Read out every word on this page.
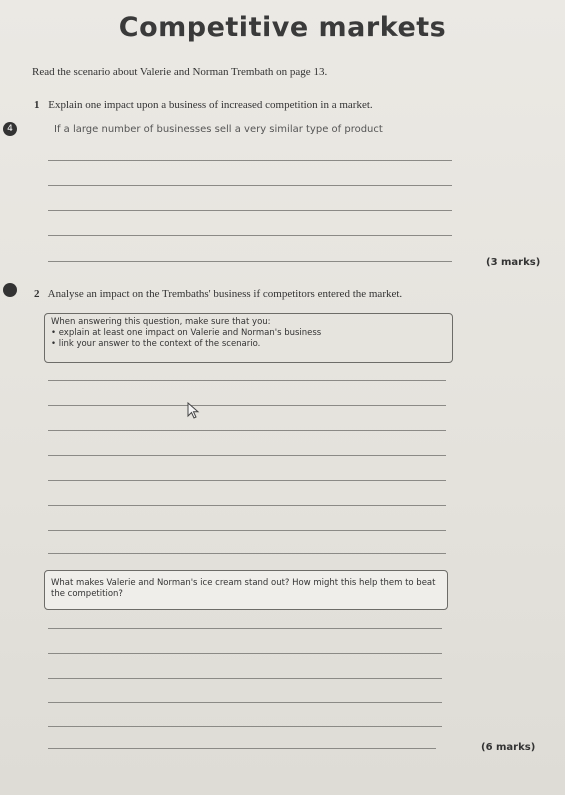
Competitive markets
Read the scenario about Valerie and Norman Trembath on page 13.
1 Explain one impact upon a business of increased competition in a market.
4	If a large number of businesses sell a very similar type of product
(3 marks)
2 Analyse an impact on the Trembaths' business if competitors entered the market.
When answering this question, make sure that you:
• explain at least one impact on Valerie and Norman's business
• link your answer to the context of the scenario.
What makes Valerie and Norman's ice cream stand out? How might this help them to beat the competition?
(6 marks)
